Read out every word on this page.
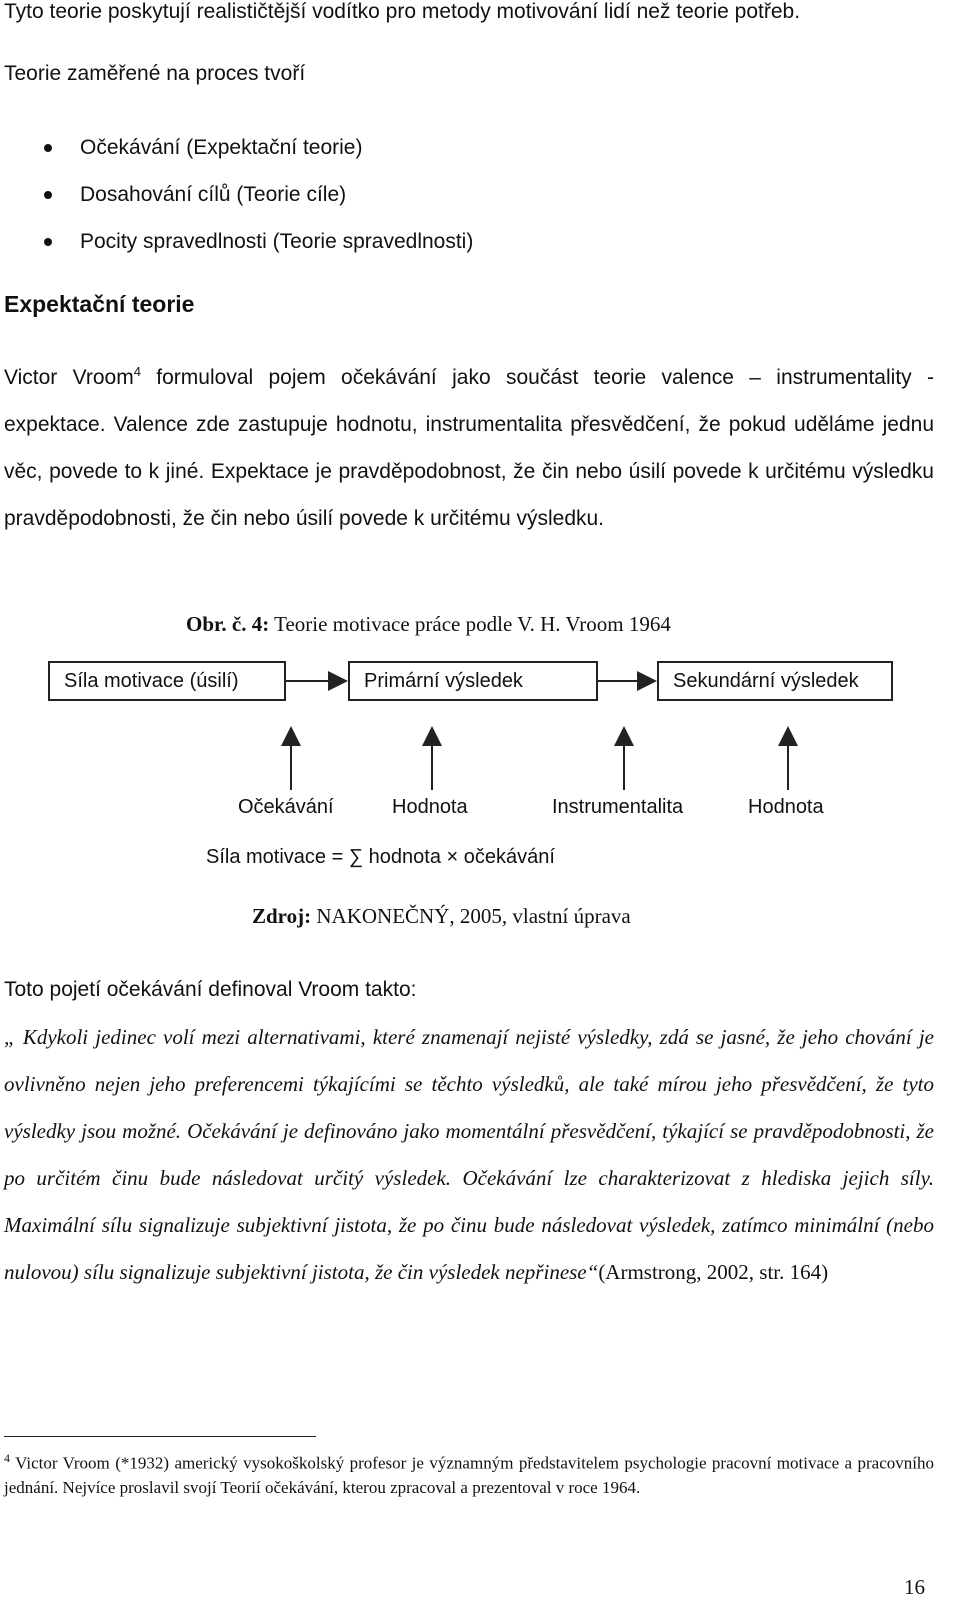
Tyto teorie poskytují realističtější vodítko pro metody motivování lidí než teorie potřeb.
Teorie zaměřené na proces tvoří
Očekávání (Expektační teorie)
Dosahování cílů (Teorie cíle)
Pocity spravedlnosti (Teorie spravedlnosti)
Expektační teorie
Victor Vroom$^4$ formuloval pojem očekávání jako součást teorie valence – instrumentality - expektace. Valence zde zastupuje hodnotu, instrumentalita přesvědčení, že pokud uděláme jednu věc, povede to k jiné. Expektace je pravděpodobnost, že čin nebo úsilí povede k určitému výsledku pravděpodobnosti, že čin nebo úsilí povede k určitému výsledku.
Obr. č. 4: Teorie motivace práce podle V. H. Vroom 1964
Síla motivace (úsilí)	Primární výsledek	Sekundární výsledek
Očekávání	Hodnota	Instrumentalita	Hodnota
Síla motivace = ∑ hodnota × očekávání
Zdroj: NAKONEČNÝ, 2005, vlastní úprava
Toto pojetí očekávání definoval Vroom takto:
„ Kdykoli jedinec volí mezi alternativami, které znamenají nejisté výsledky, zdá se jasné, že jeho chování je ovlivněno nejen jeho preferencemi týkajícími se těchto výsledků, ale také mírou jeho přesvědčení, že tyto výsledky jsou možné. Očekávání je definováno jako momentální přesvědčení, týkající se pravděpodobnosti, že po určitém činu bude následovat určitý výsledek. Očekávání lze charakterizovat z hlediska jejich síly. Maximální sílu signalizuje subjektivní jistota, že po činu bude následovat výsledek, zatímco minimální (nebo nulovou) sílu signalizuje subjektivní jistota, že čin výsledek nepřinese“(Armstrong, 2002, str. 164)
$^4$ Victor Vroom (*1932) americký vysokoškolský profesor je významným představitelem psychologie pracovní motivace a pracovního jednání. Nejvíce proslavil svojí Teorií očekávání, kterou zpracoval a prezentoval v roce 1964.
16
